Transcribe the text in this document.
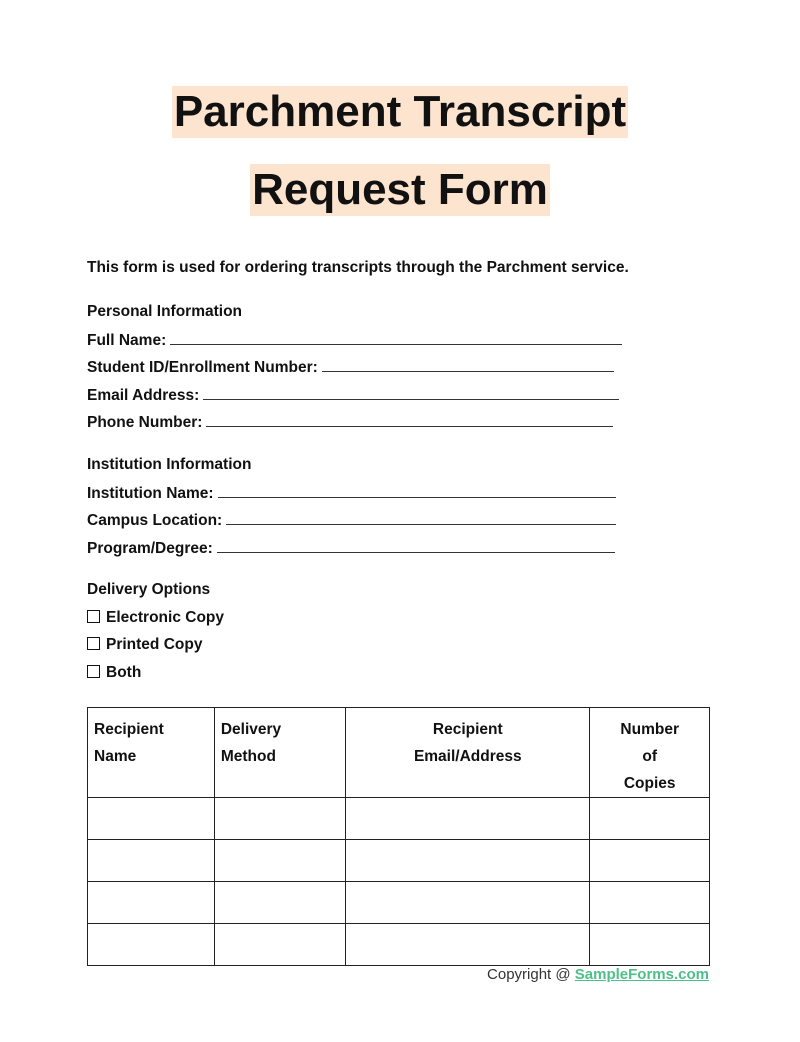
Parchment Transcript
Request Form
This form is used for ordering transcripts through the Parchment service.
Personal Information
Full Name:
Student ID/Enrollment Number:
Email Address:
Phone Number:
Institution Information
Institution Name:
Campus Location:
Program/Degree:
Delivery Options
Electronic Copy
Printed Copy
Both
Recipient Name	Delivery Method	Recipient Email/Address	Number of Copies

Copyright @ SampleForms.com
